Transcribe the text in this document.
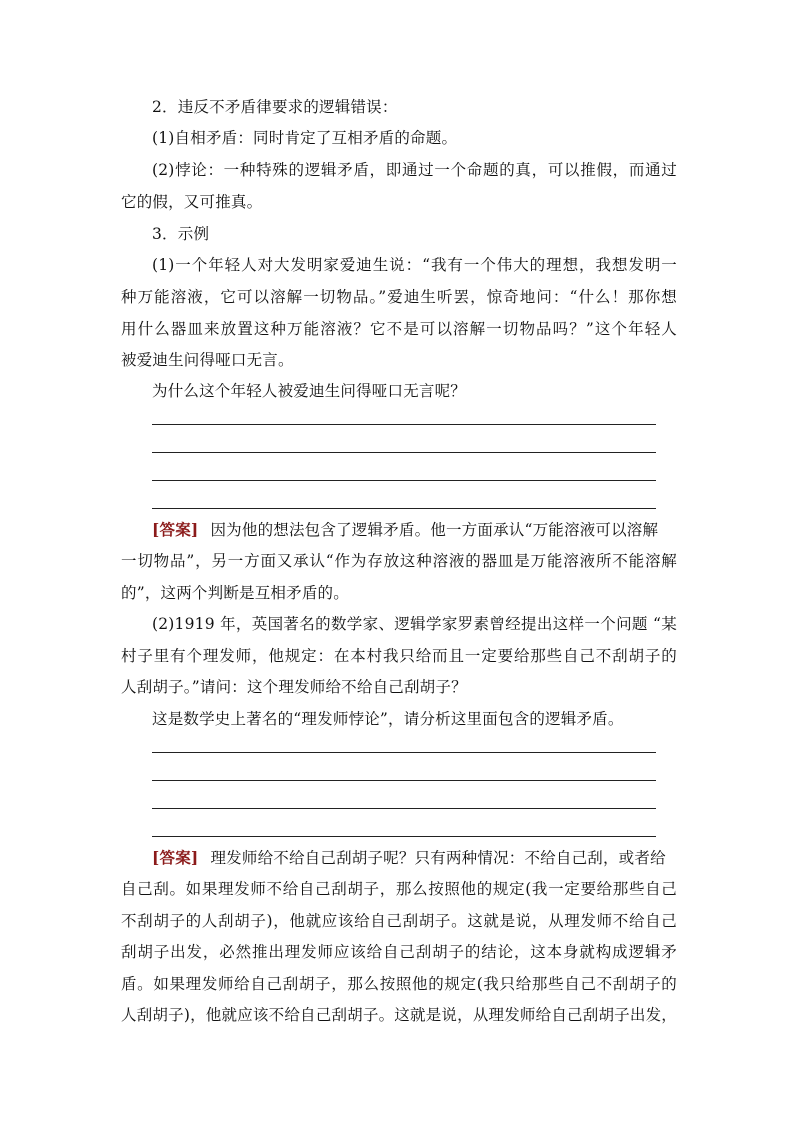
2．违反不矛盾律要求的逻辑错误：
(1)自相矛盾：同时肯定了互相矛盾的命题。
(2)悖论：一种特殊的逻辑矛盾，即通过一个命题的真，可以推假，而通过
它的假，又可推真。
3．示例
(1)一个年轻人对大发明家爱迪生说：“我有一个伟大的理想，我想发明一
种万能溶液，它可以溶解一切物品。”爱迪生听罢，惊奇地问：“什么！那你想
用什么器皿来放置这种万能溶液？它不是可以溶解一切物品吗？”这个年轻人
被爱迪生问得哑口无言。
为什么这个年轻人被爱迪生问得哑口无言呢？
[答案] 因为他的想法包含了逻辑矛盾。他一方面承认“万能溶液可以溶解
一切物品”，另一方面又承认“作为存放这种溶液的器皿是万能溶液所不能溶解
的”，这两个判断是互相矛盾的。
(2)1919 年，英国著名的数学家、逻辑学家罗素曾经提出这样一个问题 “某
村子里有个理发师，他规定：在本村我只给而且一定要给那些自己不刮胡子的
人刮胡子。”请问：这个理发师给不给自己刮胡子？
这是数学史上著名的“理发师悖论”，请分析这里面包含的逻辑矛盾。
[答案] 理发师给不给自己刮胡子呢？只有两种情况：不给自己刮，或者给
自己刮。如果理发师不给自己刮胡子，那么按照他的规定(我一定要给那些自己
不刮胡子的人刮胡子)，他就应该给自己刮胡子。这就是说，从理发师不给自己
刮胡子出发，必然推出理发师应该给自己刮胡子的结论，这本身就构成逻辑矛
盾。如果理发师给自己刮胡子，那么按照他的规定(我只给那些自己不刮胡子的
人刮胡子)，他就应该不给自己刮胡子。这就是说，从理发师给自己刮胡子出发，
